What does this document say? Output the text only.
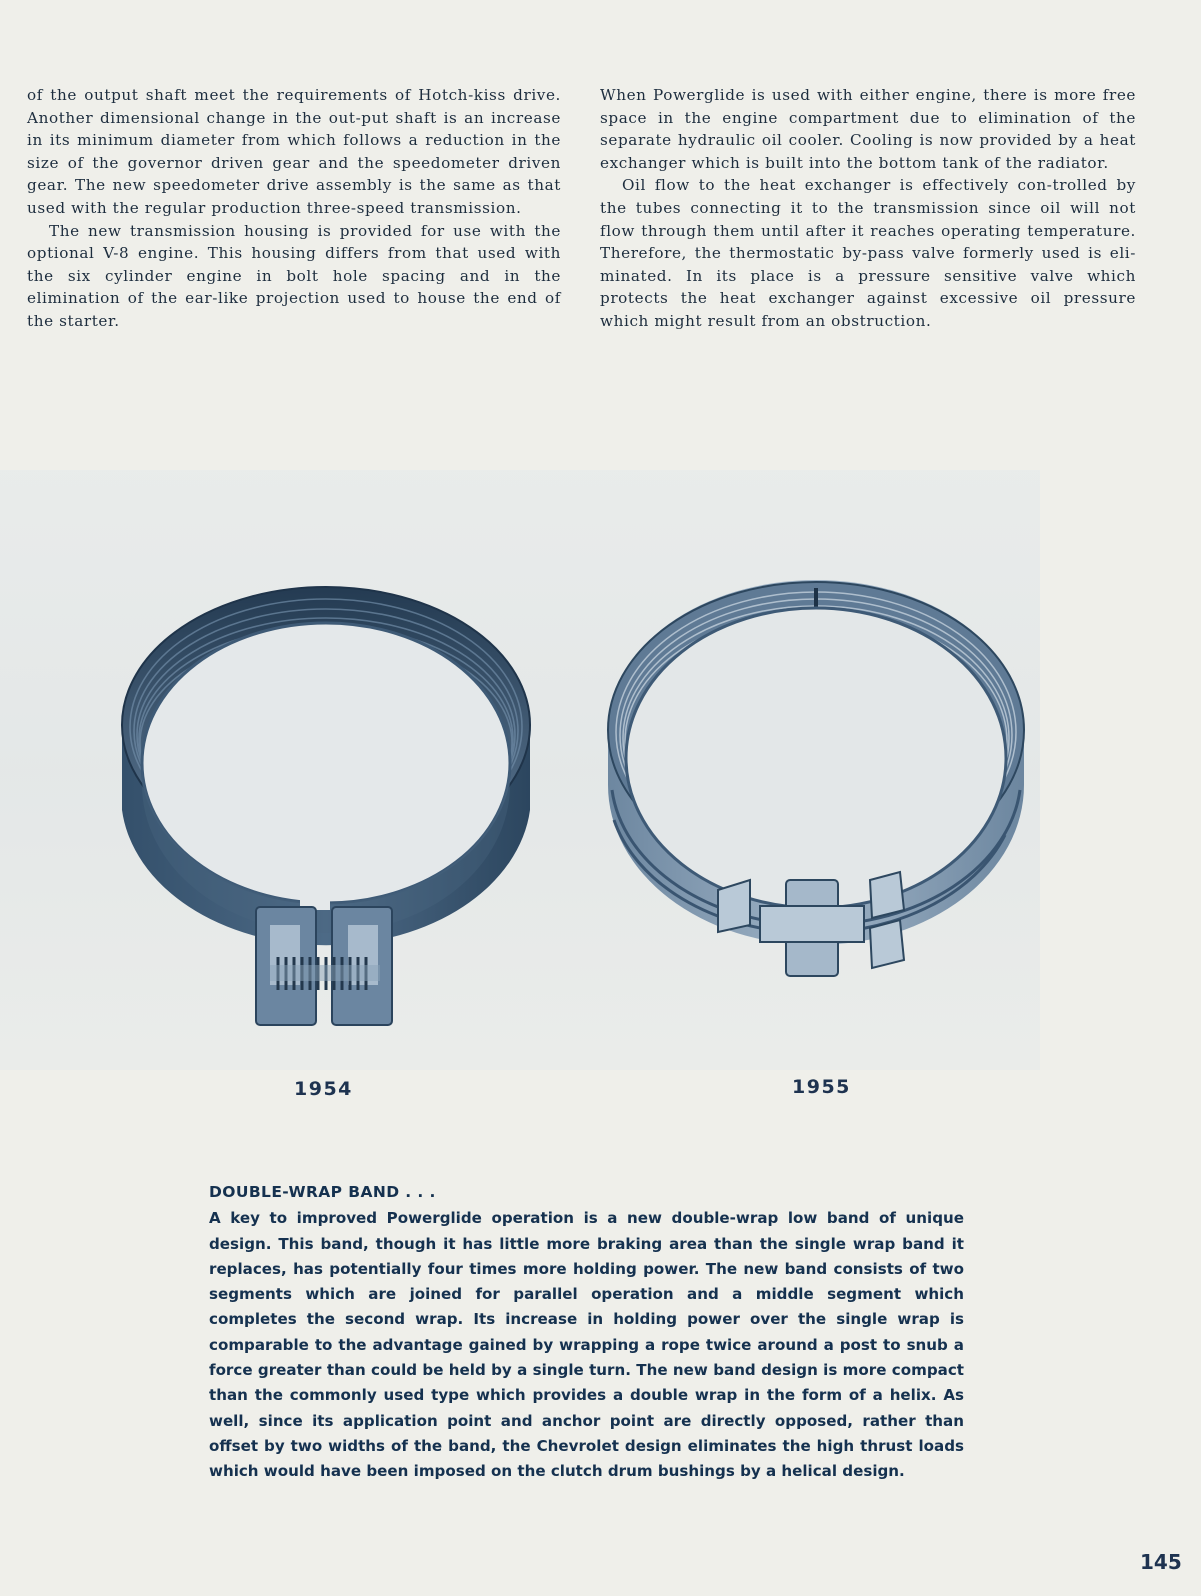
of the output shaft meet the requirements of Hotch-kiss drive. Another dimensional change in the out-put shaft is an increase in its minimum diameter from which follows a reduction in the size of the governor driven gear and the speedometer driven gear. The new speedometer drive assembly is the same as that used with the regular production three-speed transmission.

The new transmission housing is provided for use with the optional V-8 engine. This housing differs from that used with the six cylinder engine in bolt hole spacing and in the elimination of the ear-like projection used to house the end of the starter.

When Powerglide is used with either engine, there is more free space in the engine compartment due to elimination of the separate hydraulic oil cooler. Cooling is now provided by a heat exchanger which is built into the bottom tank of the radiator.

Oil flow to the heat exchanger is effectively con-trolled by the tubes connecting it to the transmission since oil will not flow through them until after it reaches operating temperature. Therefore, the thermostatic by-pass valve formerly used is eli-minated. In its place is a pressure sensitive valve which protects the heat exchanger against excessive oil pressure which might result from an obstruction.

1954	1955
DOUBLE-WRAP BAND . . .
A key to improved Powerglide operation is a new double-wrap low band of unique design. This band, though it has little more braking area than the single wrap band it replaces, has potentially four times more holding power. The new band consists of two segments which are joined for parallel operation and a middle segment which completes the second wrap. Its increase in holding power over the single wrap is comparable to the advantage gained by wrapping a rope twice around a post to snub a force greater than could be held by a single turn. The new band design is more compact than the commonly used type which provides a double wrap in the form of a helix. As well, since its application point and anchor point are directly opposed, rather than offset by two widths of the band, the Chevrolet design eliminates the high thrust loads which would have been imposed on the clutch drum bushings by a helical design.
145
